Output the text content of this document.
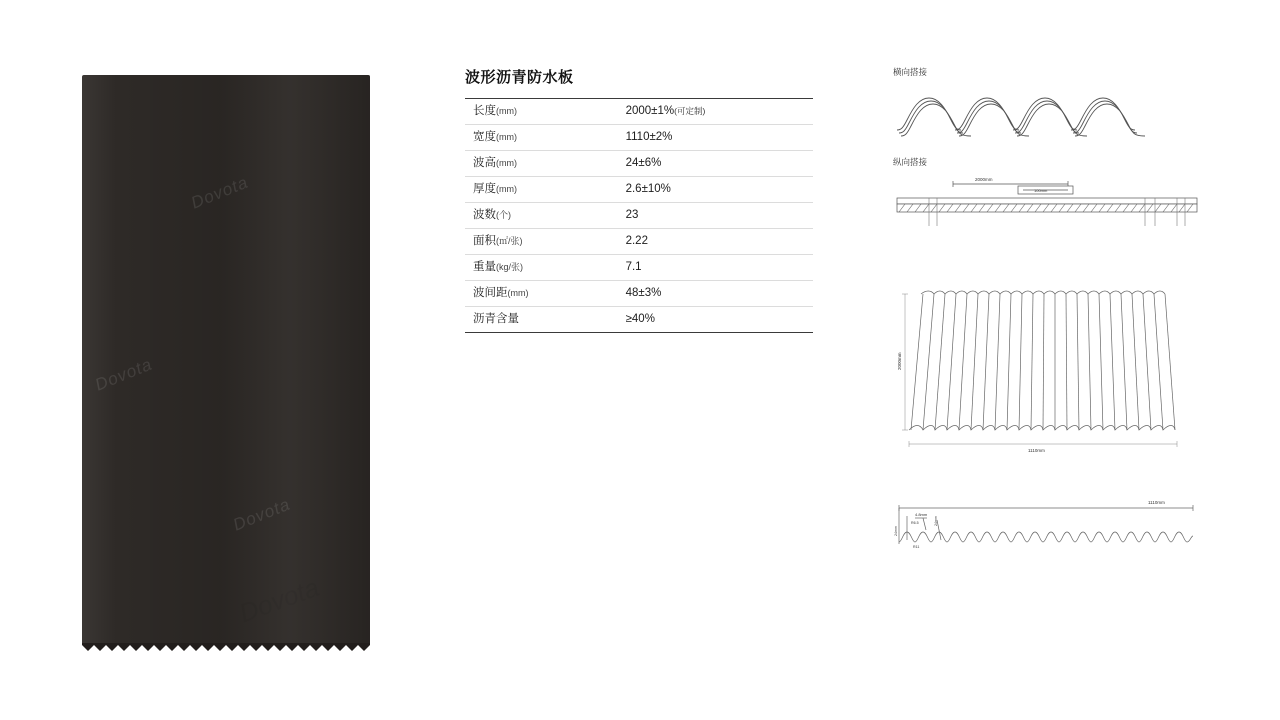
波形沥青防水板
长度(mm)	2000±1%(可定制)
宽度(mm)	1110±2%
波高(mm)	24±6%
厚度(mm)	2.6±10%
波数(个)	23
面积(㎡/张)	2.22
重量(kg/张)	7.1
波间距(mm)	48±3%
沥青含量	≥40%
横向搭接
纵向搭接
2000mm
100mm
2000mm
1110mm
1110mm
4.8mm
24mm
24mm
R6.5
R11
